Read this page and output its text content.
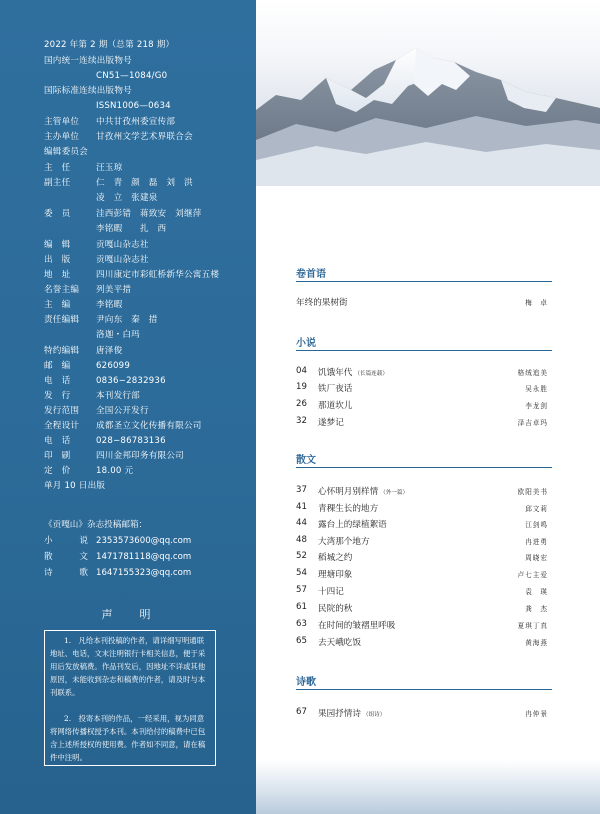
2022 年第 2 期（总第 218 期）
国内统一连续出版物号
CN51—1084/G0
国际标准连续出版物号
ISSN1006—0634
主管单位 中共甘孜州委宣传部
主办单位 甘孜州文学艺术界联合会
编辑委员会
主　任	汪玉琼
副主任	仁　青　颜　磊　刘　洪
凌　立　张建泉
委　员	洼西彭错　蒋致安　刘继萍
李铭暇　　扎　西
编　辑	贡嘎山杂志社
出　版	贡嘎山杂志社
地　址	四川康定市彩虹桥新华公寓五楼
名誉主编 列美平措
主　编	李铭暇
责任编辑 尹向东　秦　措
洛迦・白玛
特约编辑 唐泽俊
邮　编	626099
电　话	0836−2832936
发　行	本刊发行部
发行范围 全国公开发行
全程设计 成都圣立文化传播有限公司
电　话	028−86783136
印　刷	四川金邦印务有限公司
定　价	18.00 元
单月 10 日出版
《贡嘎山》杂志投稿邮箱：
小　说 2353573600@qq.com
散　文 1471781118@qq.com
诗　歌 1647155323@qq.com
声　明

1.　凡给本刊投稿的作者，请详细写明通联地址、电话，文末注明银行卡相关信息，便于采用后发放稿费。作品刊发后，因地址不详或其他原因，未能收到杂志和稿费的作者，请及时与本刊联系。

2.　投寄本刊的作品，一经采用，视为同意将网络传播权授予本刊。本刊给付的稿费中已包含上述所授权的使用费。作者如不同意，请在稿件中注明。

卷首语
年终的果树街	梅　卓
小说
04	饥饿年代 （长篇连载）	格绒追美
19	铁厂夜话	吴永胜
26	那道坎儿	李龙剑
32	遂梦记	泽吉卓玛
散文
37	心怀明月别样情 （外一篇）	欧阳美书
41	青稞生长的地方	邱文莉
44	露台上的绿植絮语	江剑鸣
48	大湾那个地方	冉进勇
52	稻城之约	周晓宏
54	理塘印象	卢七主爱
57	十四记	袁　瑛
61	民院的秋	龚　杰
63	在时间的皱褶里呼吸	夏琪丁真
65	去天峨吃饭	黄海燕
诗歌
67	果园抒情诗 （组诗）	冉仲景
